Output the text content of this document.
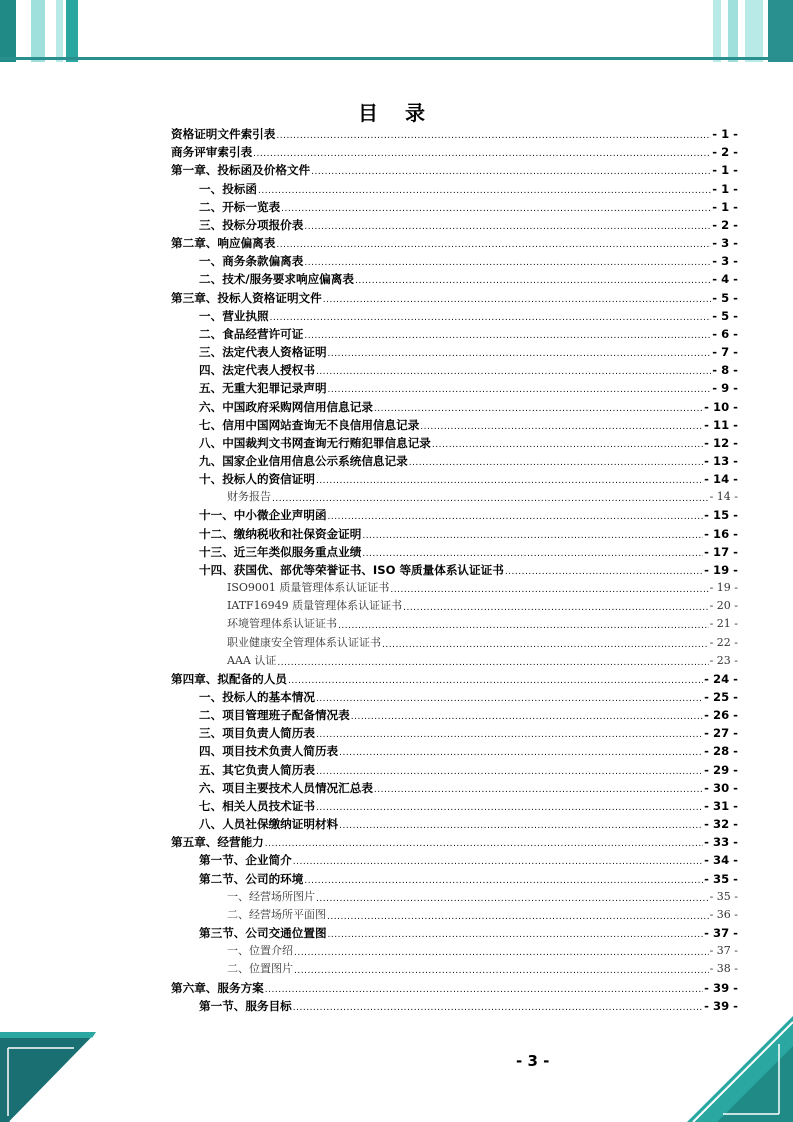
目 录
资格证明文件索引表 .....	- 1 -
商务评审索引表 .....	- 2 -
第一章、投标函及价格文件 .....	- 1 -
一、投标函 .....	- 1 -
二、开标一览表 .....	- 1 -
三、投标分项报价表 .....	- 2 -
第二章、响应偏离表 .....	- 3 -
一、商务条款偏离表 .....	- 3 -
二、技术/服务要求响应偏离表 .....	- 4 -
第三章、投标人资格证明文件 .....	- 5 -
一、营业执照 .....	- 5 -
二、食品经营许可证 .....	- 6 -
三、法定代表人资格证明 .....	- 7 -
四、法定代表人授权书 .....	- 8 -
五、无重大犯罪记录声明 .....	- 9 -
六、中国政府采购网信用信息记录 .....	- 10 -
七、信用中国网站查询无不良信用信息记录 .....	- 11 -
八、中国裁判文书网查询无行贿犯罪信息记录 .....	- 12 -
九、国家企业信用信息公示系统信息记录 .....	- 13 -
十、投标人的资信证明 .....	- 14 -
财务报告 .....	- 14 -
十一、中小微企业声明函 .....	- 15 -
十二、缴纳税收和社保资金证明 .....	- 16 -
十三、近三年类似服务重点业绩 .....	- 17 -
十四、获国优、部优等荣誉证书、ISO 等质量体系认证证书 .....	- 19 -
ISO9001 质量管理体系认证证书 .....	- 19 -
IATF16949 质量管理体系认证证书 .....	- 20 -
环境管理体系认证证书 .....	- 21 -
职业健康安全管理体系认证证书 .....	- 22 -
AAA 认证 .....	- 23 -
第四章、拟配备的人员 .....	- 24 -
一、投标人的基本情况 .....	- 25 -
二、项目管理班子配备情况表 .....	- 26 -
三、项目负责人简历表 .....	- 27 -
四、项目技术负责人简历表 .....	- 28 -
五、其它负责人简历表 .....	- 29 -
六、项目主要技术人员情况汇总表 .....	- 30 -
七、相关人员技术证书 .....	- 31 -
八、人员社保缴纳证明材料 .....	- 32 -
第五章、经营能力 .....	- 33 -
第一节、企业简介 .....	- 34 -
第二节、公司的环境 .....	- 35 -
一、经营场所图片 .....	- 35 -
二、经营场所平面图 .....	- 36 -
第三节、公司交通位置图 .....	- 37 -
一、位置介绍 .....	- 37 -
二、位置图片 .....	- 38 -
第六章、服务方案 .....	- 39 -
第一节、服务目标 .....	- 39 -
- 3 -
